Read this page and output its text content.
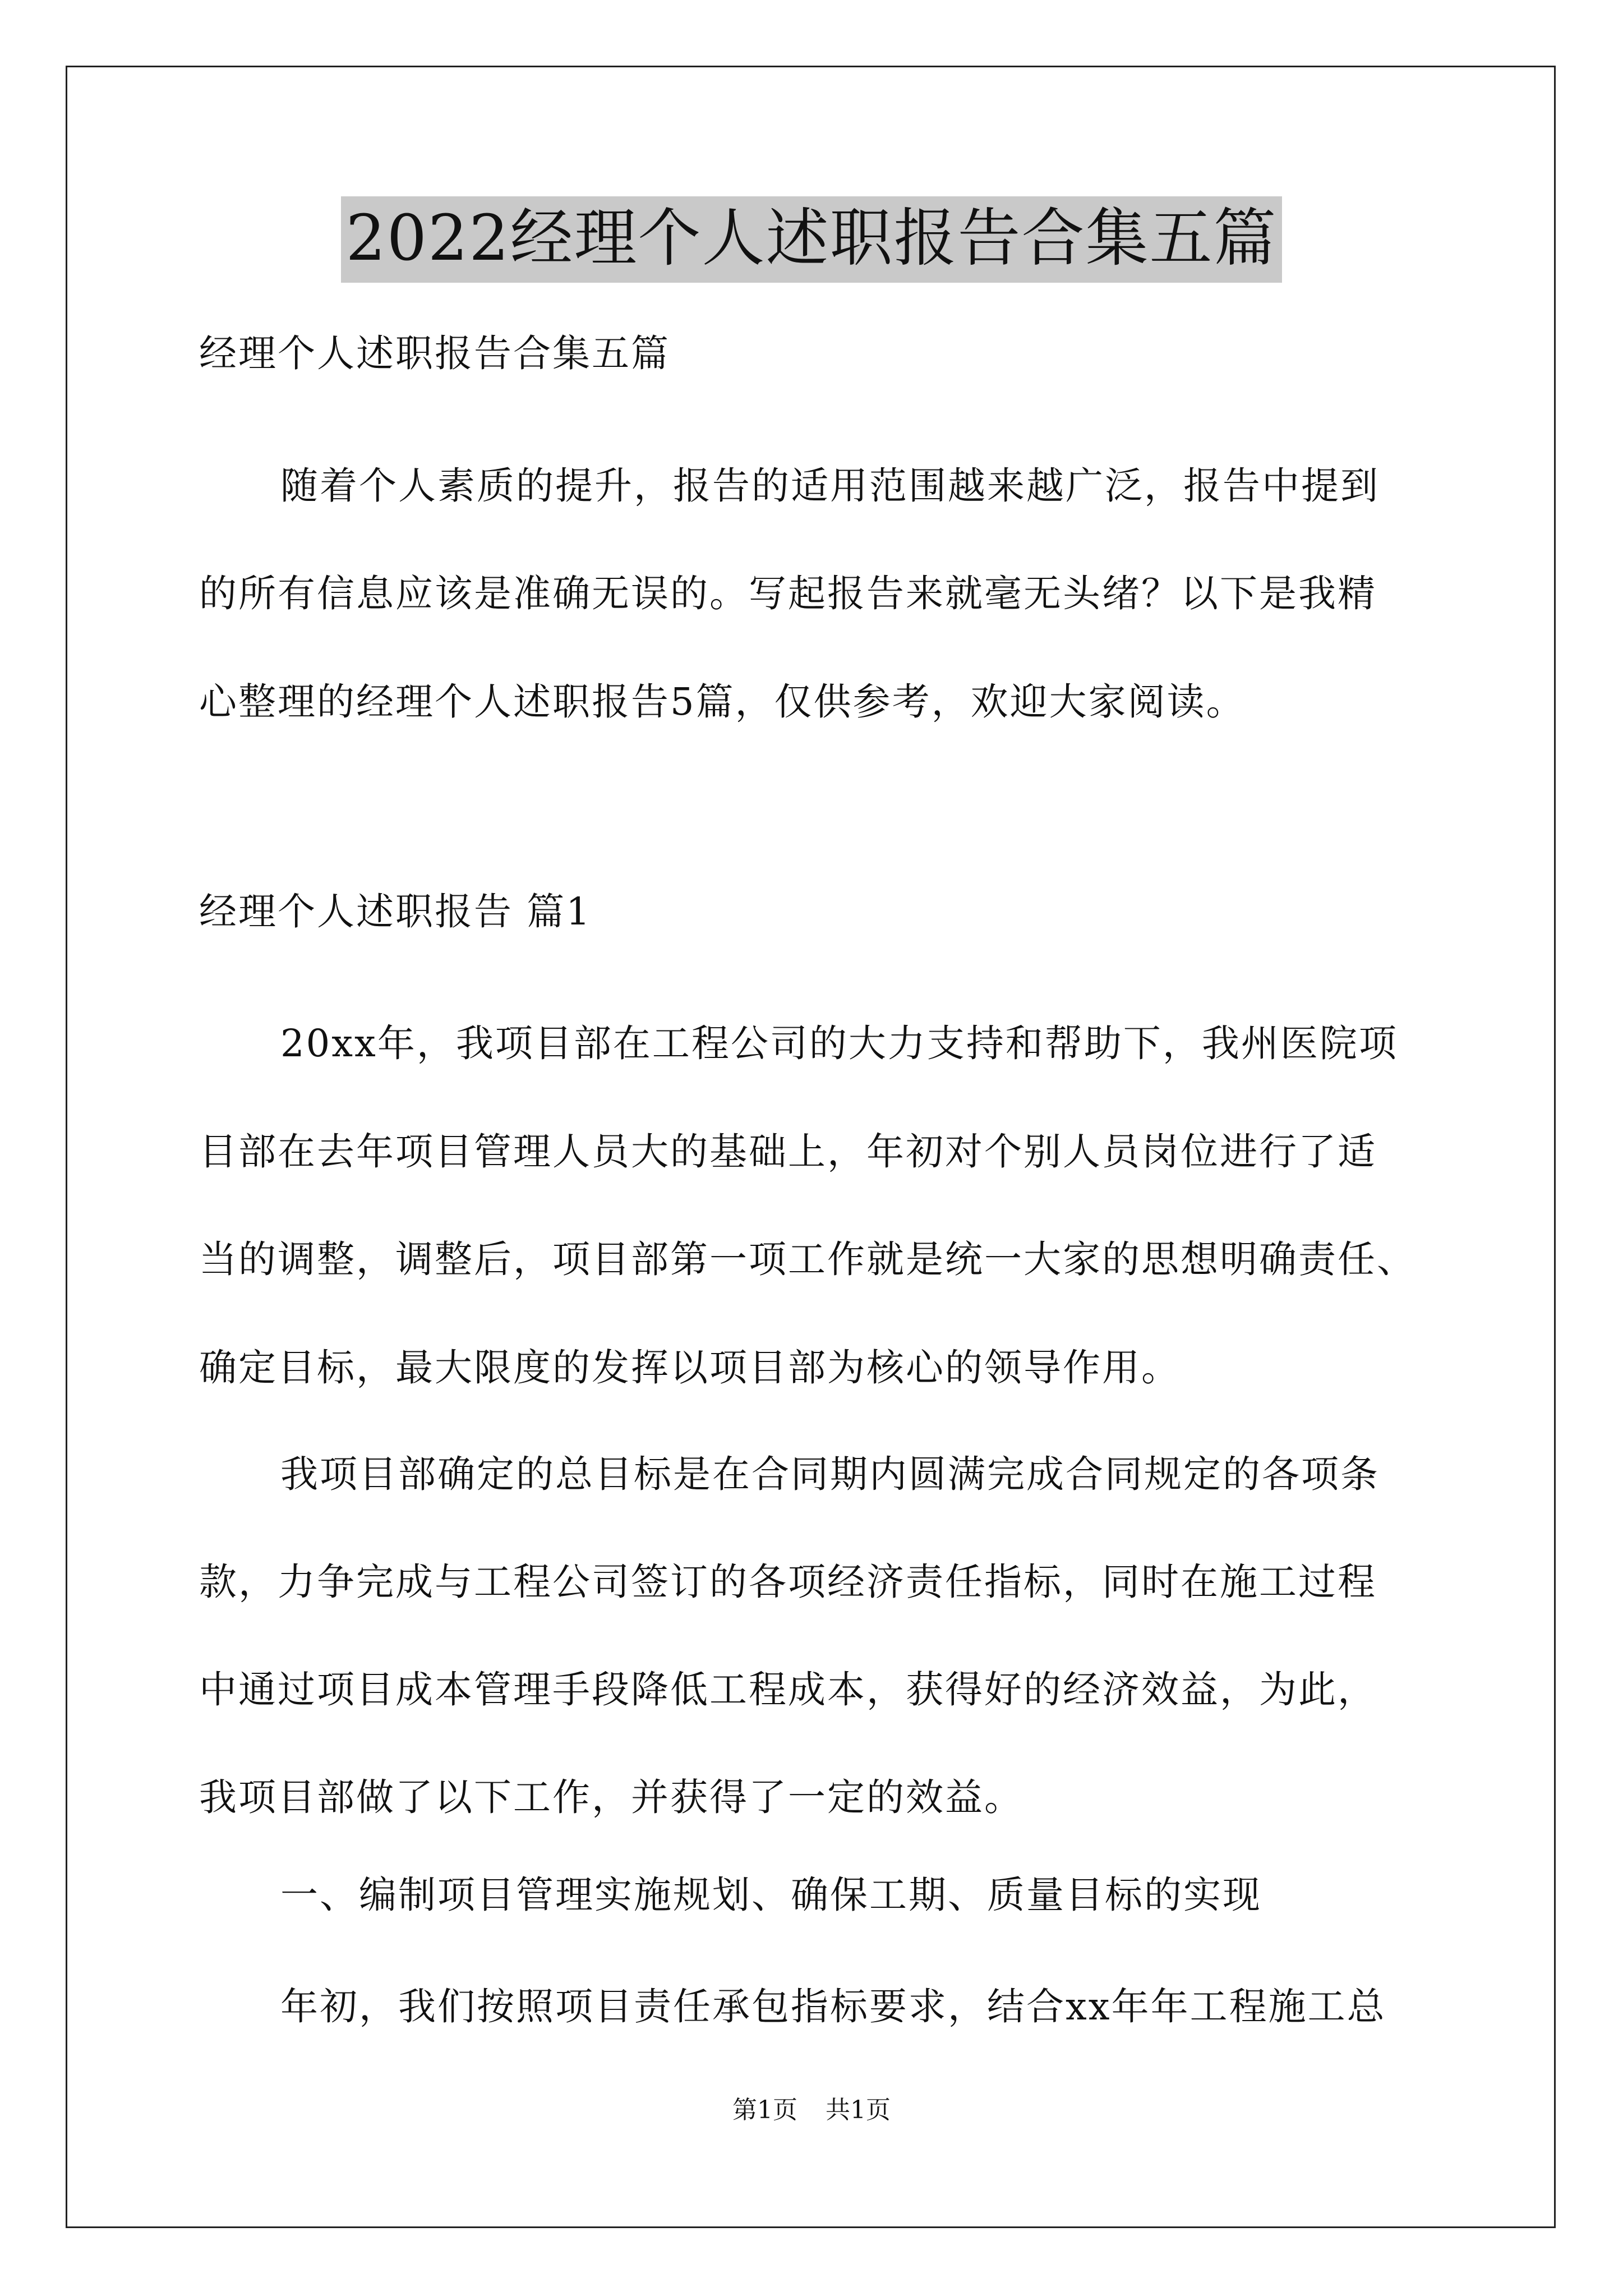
2022经理个人述职报告合集五篇
经理个人述职报告合集五篇
随着个人素质的提升，报告的适用范围越来越广泛，报告中提到
的所有信息应该是准确无误的。写起报告来就毫无头绪？以下是我精
心整理的经理个人述职报告5篇，仅供参考，欢迎大家阅读。
经理个人述职报告 篇1
20xx年，我项目部在工程公司的大力支持和帮助下，我州医院项
目部在去年项目管理人员大的基础上，年初对个别人员岗位进行了适
当的调整，调整后，项目部第一项工作就是统一大家的思想明确责任、
确定目标，最大限度的发挥以项目部为核心的领导作用。
我项目部确定的总目标是在合同期内圆满完成合同规定的各项条
款，力争完成与工程公司签订的各项经济责任指标，同时在施工过程
中通过项目成本管理手段降低工程成本，获得好的经济效益，为此，
我项目部做了以下工作，并获得了一定的效益。
一、编制项目管理实施规划、确保工期、质量目标的实现
年初，我们按照项目责任承包指标要求，结合xx年年工程施工总
第1页 共1页
